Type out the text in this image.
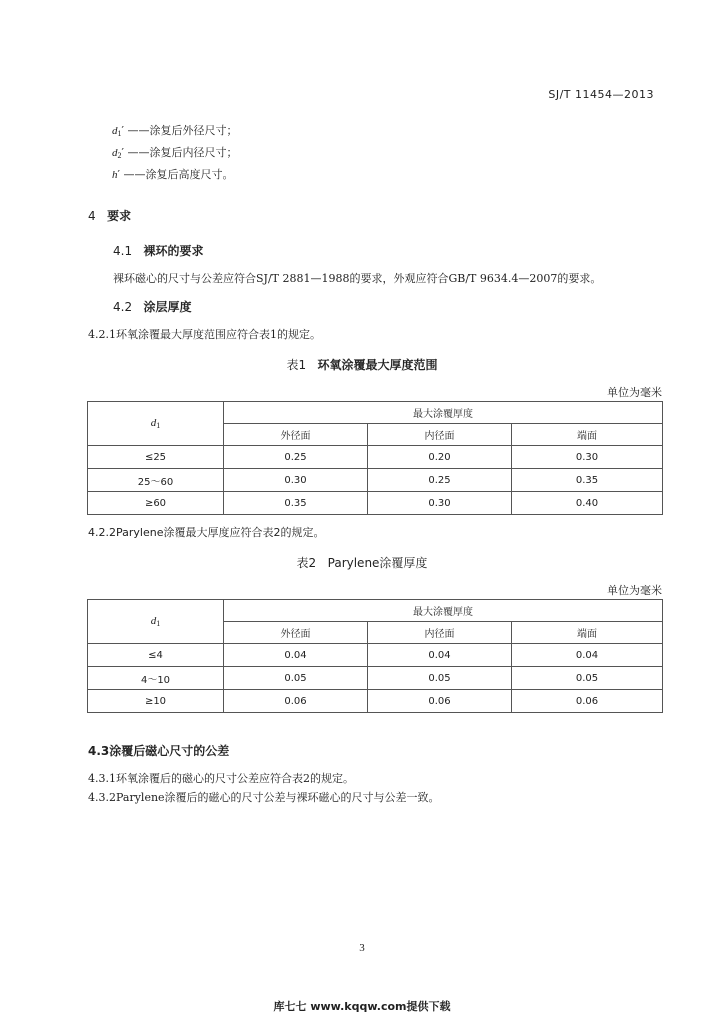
SJ/T 11454—2013
$d_1'$ ——涂复后外径尺寸；
$d_2'$ ——涂复后内径尺寸；
h′ ——涂复后高度尺寸。
4 要求
4.1 裸环的要求
裸环磁心的尺寸与公差应符合SJ/T 2881—1988的要求，外观应符合GB/T 9634.4—2007的要求。
4.2 涂层厚度
4.2.1环氧涂覆最大厚度范围应符合表1的规定。
表1 环氧涂覆最大厚度范围
单位为毫米
$d_1$	最大涂覆厚度		
	外径面	内径面	端面
≤25	0.25	0.20	0.30
25～60	0.30	0.25	0.35
≥60	0.35	0.30	0.40
4.2.2Parylene涂覆最大厚度应符合表2的规定。
表2 Parylene涂覆厚度
单位为毫米
$d_1$	最大涂覆厚度		
	外径面	内径面	端面
≤4	0.04	0.04	0.04
4～10	0.05	0.05	0.05
≥10	0.06	0.06	0.06
4.3涂覆后磁心尺寸的公差
4.3.1环氧涂覆后的磁心的尺寸公差应符合表2的规定。
4.3.2Parylene涂覆后的磁心的尺寸公差与裸环磁心的尺寸与公差一致。
3
库七七 www.kqqw.com提供下载
